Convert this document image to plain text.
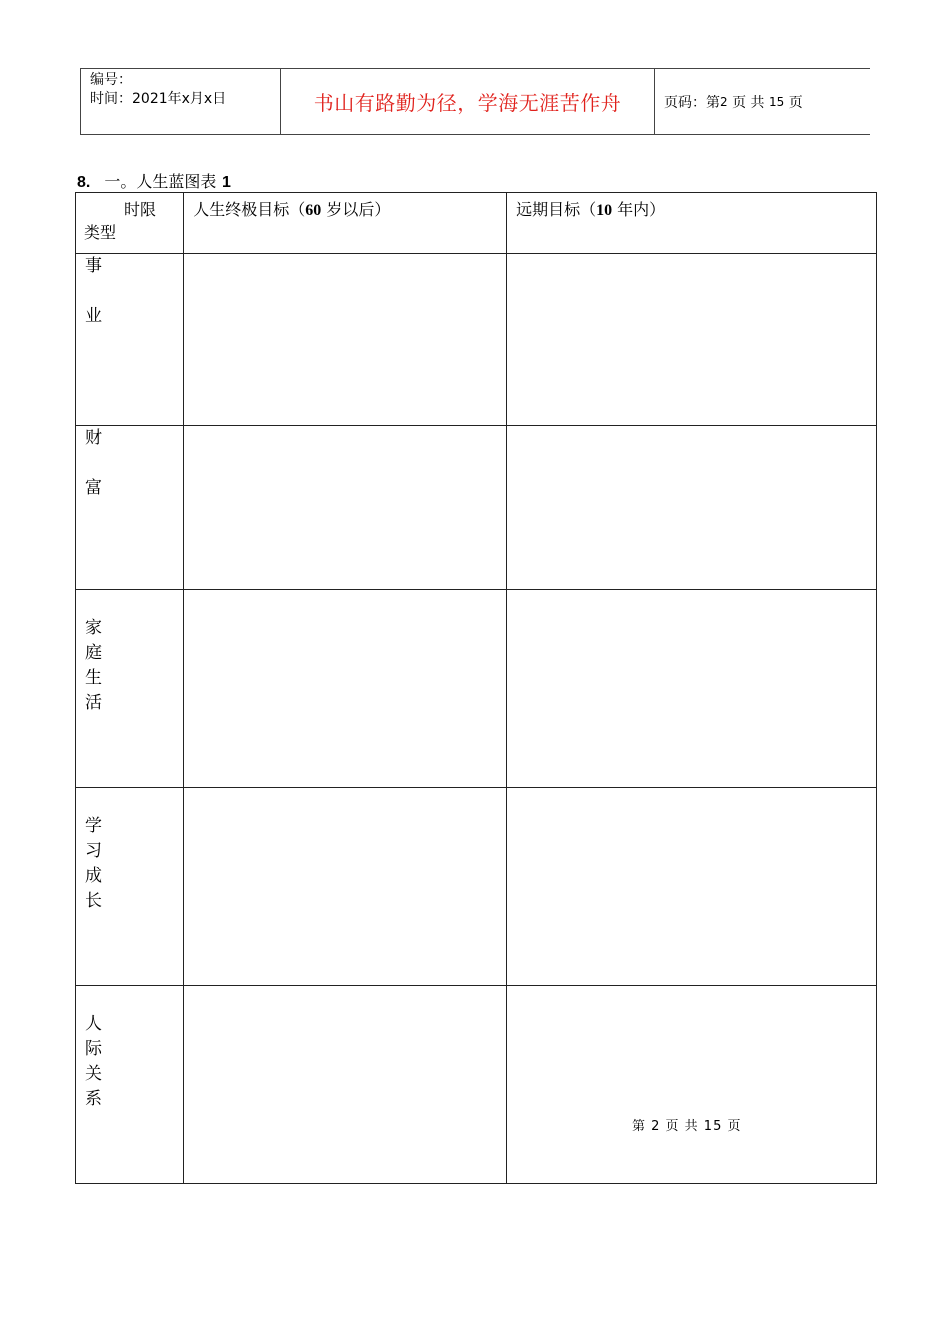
编号：
时间：2021年x月x日	书山有路勤为径，学海无涯苦作舟	页码：第 2
页 共
15
页
8. 一。人生蓝图表 1
时限
类型	人生终极目标（60 岁以后）	远期目标（10 年内）

事
业		

财
富		

家
庭
生
活		

学
习
成
长		

人
际
关
系		

第 2 页 共 15 页
